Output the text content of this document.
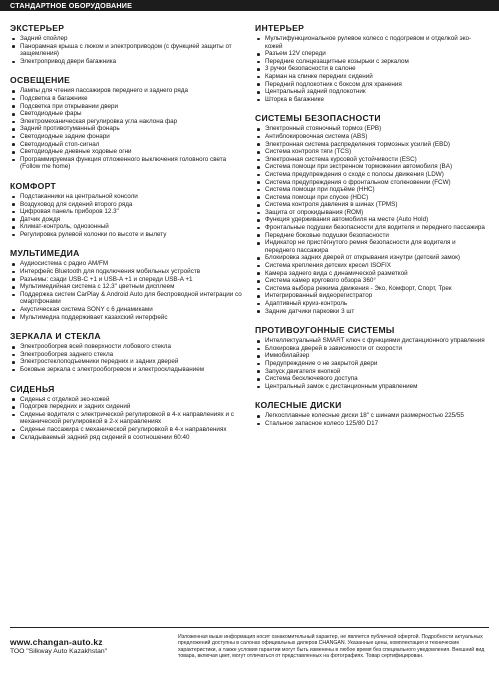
СТАНДАРТНОЕ ОБОРУДОВАНИЕ
ЭКСТЕРЬЕР
Задний спойлер
Панорамная крыша с люком и электроприводом (с функцией защиты от защемления)
Электропривод двери багажника
ОСВЕЩЕНИЕ
Лампы для чтения пассажиров переднего и заднего ряда
Подсветка в багажнике
Подсветка при открывании двери
Светодиодные фары
Электромеханическая регулировка угла наклона фар
Задний противотуманный фонарь
Светодиодные задние фонари
Светодиодный стоп-сигнал
Светодиодные дневные ходовые огни
Программируемая функция отложенного выключения головного света (Follow me home)
КОМФОРТ
Подстаканники на центральной консоли
Воздуховод для сидений второго ряда
Цифровая панель приборов 12.3"
Датчик дождя
Климат-контроль, однозонный
Регулировка рулевой колонки по высоте и вылету
МУЛЬТИМЕДИА
Аудиосистема с радио AM/FM
Интерфейс Bluetooth для подключения мобильных устройств
Разъемы: сзади USB-C +1 и USB-A +1 и спереди USB-A +1
Мультимедийная система с 12.3" цветным дисплеем
Поддержка систем CarPlay & Android Auto для беспроводной интеграции со смартфонами
Акустическая система SONY с 6 динамиками
Мультимедиа поддерживает казахский интерфейс
ЗЕРКАЛА И СТЕКЛА
Электрообогрев всей поверхности лобового стекла
Электрообогрев заднего стекла
Электростеклоподъемники передних и задних дверей
Боковые зеркала с электрообогревом и электроскладыванием
СИДЕНЬЯ
Сиденья с отделкой эко-кожей
Подогрев передних и задних сидений
Сиденье водителя с электрической регулировкой в 4-х направлениях и с механической регулировкой в 2-х направлениях
Сиденье пассажира с механической регулировкой в 4-х направлениях
Складываемый задний ряд сидений в соотношении 60:40
ИНТЕРЬЕР
Мультифункциональное рулевое колесо с подогревом и отделкой эко-кожей
Разъем 12V спереди
Передние солнцезащитные козырьки с зеркалом
3 ручки безопасности в салоне
Карман на спинке передних сидений
Передний подлокотник с боксом для хранения
Центральный задний подлокотник
Шторка в багажнике
СИСТЕМЫ БЕЗОПАСНОСТИ
Электронный стояночный тормоз (EPB)
Антиблокировочная система (ABS)
Электронная система распределения тормозных усилий (EBD)
Система контроля тяги (TCS)
Электронная система курсовой устойчивости (ESC)
Система помощи при экстренном торможении автомобиля (BA)
Система предупреждения о сходе с полосы движения (LDW)
Система предупреждения о фронтальном столкновении (FCW)
Система помощи при подъёме (HHC)
Система помощи при спуске (HDC)
Система контроля давления в шинах (TPMS)
Защита от опрокидывания (ROM)
Функция удерживания автомобиля на месте (Auto Hold)
Фронтальные подушки безопасности для водителя и переднего пассажира
Передние боковые подушки безопасности
Индикатор не пристёгнутого ремня безопасности для водителя и переднего пассажира
Блокировка задних дверей от открывания изнутри (детский замок)
Система крепления детских кресел ISOFIX
Камера заднего вида с динамической разметкой
Система камер кругового обзора 360°
Система выбора режима движения - Эко, Комфорт, Спорт, Трек
Интегрированный видеорегистратор
Адаптивный круиз-контроль
Задние датчики парковки 3 шт
ПРОТИВОУГОННЫЕ СИСТЕМЫ
Интеллектуальный SMART ключ с функциями дистанционного управления
Блокировка дверей в зависимости от скорости
Иммобилайзер
Предупреждение о не закрытой двери
Запуск двигателя кнопкой
Система бесключевого доступа
Центральный замок с дистанционным управлением
КОЛЕСНЫЕ ДИСКИ
Легкосплавные колесные диски 18" с шинами размерностью 225/55
Стальное запасное колесо 125/80 D17
www.changan-auto.kz
ТОО "Silkway Auto Kazakhstan"
Изложенная выше информация носит ознакомительный характер, не является публичной офертой. Подробности актуальных предложений доступны в салонах официальных дилеров CHANGAN. Указанные цены, комплектация и технические характеристики, а также условия гарантии могут быть изменены в любое время без специального уведомления. Внешний вид товара, включая цвет, могут отличаться от представленных на фотографиях. Товар сертифицирован.
